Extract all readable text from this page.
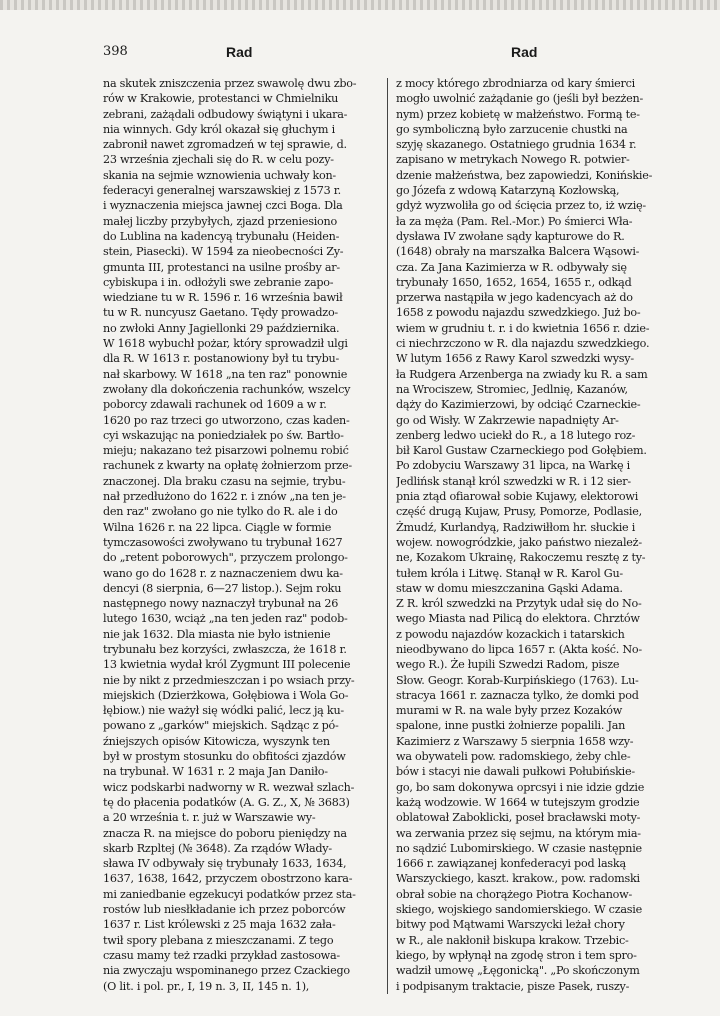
398	Rad	Rad
na skutek zniszczenia przez swawolę dwu zbo-
rów w Krakowie, protestanci w Chmielniku
zebrani, zażądali odbudowy świątyni i ukara-
nia winnych. Gdy król okazał się głuchym i
zabronił nawet zgromadzeń w tej sprawie, d.
23 września zjechali się do R. w celu pozy-
skania na sejmie wznowienia uchwały kon-
federacyi generalnej warszawskiej z 1573 r.
i wyznaczenia miejsca jawnej czci Boga. Dla
małej liczby przybyłych, zjazd przeniesiono
do Lublina na kadencyą trybunału (Heiden-
stein, Piasecki). W 1594 za nieobecności Zy-
gmunta III, protestanci na usilne prośby ar-
cybiskupa i in. odłożyli swe zebranie zapo-
wiedziane tu w R. 1596 r. 16 września bawił
tu w R. nuncyusz Gaetano. Tędy prowadzo-
no zwłoki Anny Jagiellonki 29 października.
W 1618 wybuchł pożar, który sprowadził ulgi
dla R. W 1613 r. postanowiony był tu trybu-
nał skarbowy. W 1618 „na ten raz" ponownie
zwołany dla dokończenia rachunków, wszelcy
poborcy zdawali rachunek od 1609 a w r.
1620 po raz trzeci go utworzono, czas kaden-
cyi wskazując na poniedziałek po św. Bartło-
mieju; nakazano też pisarzowi polnemu robić
rachunek z kwarty na opłatę żołnierzom prze-
znaczonej. Dla braku czasu na sejmie, trybu-
nał przedłużono do 1622 r. i znów „na ten je-
den raz" zwołano go nie tylko do R. ale i do
Wilna 1626 r. na 22 lipca. Ciągle w formie
tymczasowości zwoływano tu trybunał 1627
do „retent poborowych", przyczem prolongo-
wano go do 1628 r. z naznaczeniem dwu ka-
dencyi (8 sierpnia, 6—27 listop.). Sejm roku
następnego nowy naznaczył trybunał na 26
lutego 1630, wciąż „na ten jeden raz" podob-
nie jak 1632. Dla miasta nie było istnienie
trybunału bez korzyści, zwłaszcza, że 1618 r.
13 kwietnia wydał król Zygmunt III polecenie
nie by nikt z przedmieszczan i po wsiach przy-
miejskich (Dzierżkowa, Gołębiowa i Wola Go-
łębiow.) nie ważył się wódki palić, lecz ją ku-
powano z „garków" miejskich. Sądząc z pó-
źniejszych opisów Kitowicza, wyszynk ten
był w prostym stosunku do obfitości zjazdów
na trybunał. W 1631 r. 2 maja Jan Daniło-
wicz podskarbi nadworny w R. wezwał szlach-
tę do płacenia podatków (A. G. Z., X, № 3683)
a 20 września t. r. już w Warszawie wy-
znacza R. na miejsce do poboru pieniędzy na
skarb Rzpltej (№ 3648). Za rządów Włady-
sława IV odbywały się trybunały 1633, 1634,
1637, 1638, 1642, przyczem obostrzono kara-
mi zaniedbanie egzekucyi podatków przez sta-
rostów lub niesłkładanie ich przez poborców
1637 r. List królewski z 25 maja 1632 zała-
twił spory plebana z mieszczanami. Z tego
czasu mamy też rzadki przykład zastosowa-
nia zwyczaju wspominanego przez Czackiego
(O lit. i pol. pr., I, 19 n. 3, II, 145 n. 1),
z mocy którego zbrodniarza od kary śmierci
mogło uwolnić zażądanie go (jeśli był bezżen-
nym) przez kobietę w małżeństwo. Formą te-
go symboliczną było zarzucenie chustki na
szyję skazanego. Ostatniego grudnia 1634 r.
zapisano w metrykach Nowego R. potwier-
dzenie małżeństwa, bez zapowiedzi, Konińskie-
go Józefa z wdową Katarzyną Kozłowską,
gdyż wyzwoliła go od ścięcia przez to, iż wzię-
ła za męża (Pam. Rel.-Mor.) Po śmierci Wła-
dysława IV zwołane sądy kapturowe do R.
(1648) obrały na marszałka Balcera Wąsowi-
cza. Za Jana Kazimierza w R. odbywały się
trybunały 1650, 1652, 1654, 1655 r., odkąd
przerwa nastąpiła w jego kadencyach aż do
1658 z powodu najazdu szwedzkiego. Już bo-
wiem w grudniu t. r. i do kwietnia 1656 r. dzie-
ci niechrzczono w R. dla najazdu szwedzkiego.
W lutym 1656 z Rawy Karol szwedzki wysy-
ła Rudgera Arzenberga na zwiady ku R. a sam
na Wrociszew, Stromiec, Jedlnię, Kazanów,
dąży do Kazimierzowi, by odciąć Czarneckie-
go od Wisły. W Zakrzewie napadnięty Ar-
zenberg ledwo uciekł do R., a 18 lutego roz-
bił Karol Gustaw Czarneckiego pod Gołębiem.
Po zdobyciu Warszawy 31 lipca, na Warkę i
Jedlińsk stanął król szwedzki w R. i 12 sier-
pnia ztąd ofiarował sobie Kujawy, elektorowi
część drugą Kujaw, Prusy, Pomorze, Podlasie,
Żmudź, Kurlandyą, Radziwiłłom hr. słuckie i
wojew. nowogródzkie, jako państwo niezależ-
ne, Kozakom Ukrainę, Rakoczemu resztę z ty-
tułem króla i Litwę. Stanął w R. Karol Gu-
staw w domu mieszczanina Gąski Adama.
Z R. król szwedzki na Przytyk udał się do No-
wego Miasta nad Pilicą do elektora. Chrztów
z powodu najazdów kozackich i tatarskich
nieodbywano do lipca 1657 r. (Akta kość. No-
wego R.). Że łupili Szwedzi Radom, pisze
Słow. Geogr. Korab-Kurpińskiego (1763). Lu-
stracya 1661 r. zaznacza tylko, że domki pod
murami w R. na wale były przez Kozaków
spalone, inne pustki żołnierze popalili. Jan
Kazimierz z Warszawy 5 sierpnia 1658 wzy-
wa obywateli pow. radomskiego, żeby chle-
bów i stacyi nie dawali pułkowi Połubińskie-
go, bo sam dokonywa oprcsyi i nie idzie gdzie
każą wodzowie. W 1664 w tutejszym grodzie
oblatował Zaboklicki, poseł bracławski moty-
wa zerwania przez się sejmu, na którym mia-
no sądzić Lubomirskiego. W czasie następnie
1666 r. zawiązanej konfederacyi pod laską
Warszyckiego, kaszt. krakow., pow. radomski
obrał sobie na chorążego Piotra Kochanow-
skiego, wojskiego sandomierskiego. W czasie
bitwy pod Mątwami Warszycki leżał chory
w R., ale nakłonił biskupa krakow. Trzebic-
kiego, by wpłynął na zgodę stron i tem spro-
wadził umowę „Łęgonicką". „Po skończonym
i podpisanym traktacie, pisze Pasek, ruszy-
